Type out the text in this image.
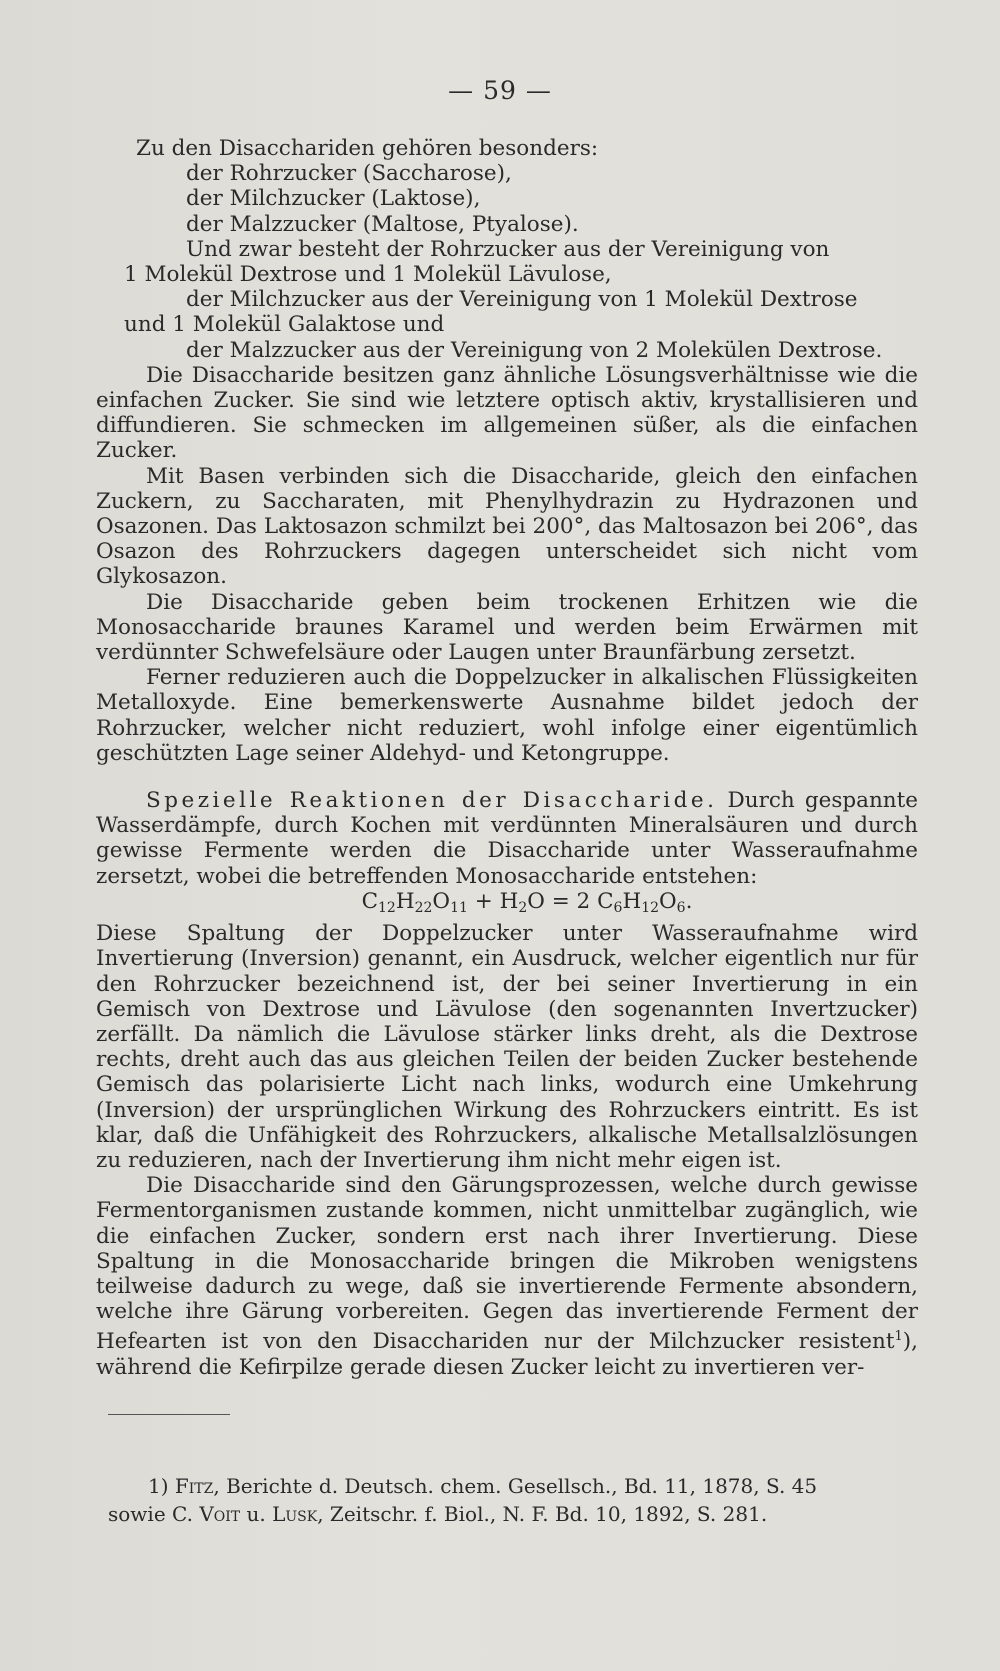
— 59 —

Zu den Disacchariden gehören besonders:

der Rohrzucker (Saccharose),

der Milchzucker (Laktose),

der Malzzucker (Maltose, Ptyalose).

Und zwar besteht der Rohrzucker aus der Vereinigung von

1 Molekül Dextrose und 1 Molekül Lävulose,

der Milchzucker aus der Vereinigung von 1 Molekül Dextrose

und 1 Molekül Galaktose und

der Malzzucker aus der Vereinigung von 2 Molekülen Dextrose.

Die Disaccharide besitzen ganz ähnliche Lösungsverhältnisse wie die einfachen Zucker. Sie sind wie letztere optisch aktiv, krystallisieren und diffundieren. Sie schmecken im allgemeinen süßer, als die einfachen Zucker.

Mit Basen verbinden sich die Disaccharide, gleich den einfachen Zuckern, zu Saccharaten, mit Phenylhydrazin zu Hydrazonen und Osazonen. Das Laktosazon schmilzt bei 200°, das Maltosazon bei 206°, das Osazon des Rohrzuckers dagegen unterscheidet sich nicht vom Glykosazon.

Die Disaccharide geben beim trockenen Erhitzen wie die Monosaccharide braunes Karamel und werden beim Erwärmen mit verdünnter Schwefelsäure oder Laugen unter Braunfärbung zersetzt.

Ferner reduzieren auch die Doppelzucker in alkalischen Flüssigkeiten Metalloxyde. Eine bemerkenswerte Ausnahme bildet jedoch der Rohrzucker, welcher nicht reduziert, wohl infolge einer eigentümlich geschützten Lage seiner Aldehyd- und Ketongruppe.

Spezielle Reaktionen der Disaccharide. Durch gespannte Wasserdämpfe, durch Kochen mit verdünnten Mineralsäuren und durch gewisse Fermente werden die Disaccharide unter Wasseraufnahme zersetzt, wobei die betreffenden Monosaccharide entstehen:

$C_{12}H_{22}O_{11} + H_2O = 2$ $C_6H_{12}O_6$.

Diese Spaltung der Doppelzucker unter Wasseraufnahme wird Invertierung (Inversion) genannt, ein Ausdruck, welcher eigentlich nur für den Rohrzucker bezeichnend ist, der bei seiner Invertierung in ein Gemisch von Dextrose und Lävulose (den sogenannten Invertzucker) zerfällt. Da nämlich die Lävulose stärker links dreht, als die Dextrose rechts, dreht auch das aus gleichen Teilen der beiden Zucker bestehende Gemisch das polarisierte Licht nach links, wodurch eine Umkehrung (Inversion) der ursprünglichen Wirkung des Rohrzuckers eintritt. Es ist klar, daß die Unfähigkeit des Rohrzuckers, alkalische Metallsalzlösungen zu reduzieren, nach der Invertierung ihm nicht mehr eigen ist.

Die Disaccharide sind den Gärungsprozessen, welche durch gewisse Fermentorganismen zustande kommen, nicht unmittelbar zugänglich, wie die einfachen Zucker, sondern erst nach ihrer Invertierung. Diese Spaltung in die Monosaccharide bringen die Mikroben wenigstens teilweise dadurch zu wege, daß sie invertierende Fermente absondern, welche ihre Gärung vorbereiten. Gegen das invertierende Ferment der Hefearten ist von den Disacchariden nur der Milchzucker resistent$^1$), während die Kefirpilze gerade diesen Zucker leicht zu invertieren ver-

1) Fitz, Berichte d. Deutsch. chem. Gesellsch., Bd. 11, 1878, S. 45

sowie C. Voit u. Lusk, Zeitschr. f. Biol., N. F. Bd. 10, 1892, S. 281.
